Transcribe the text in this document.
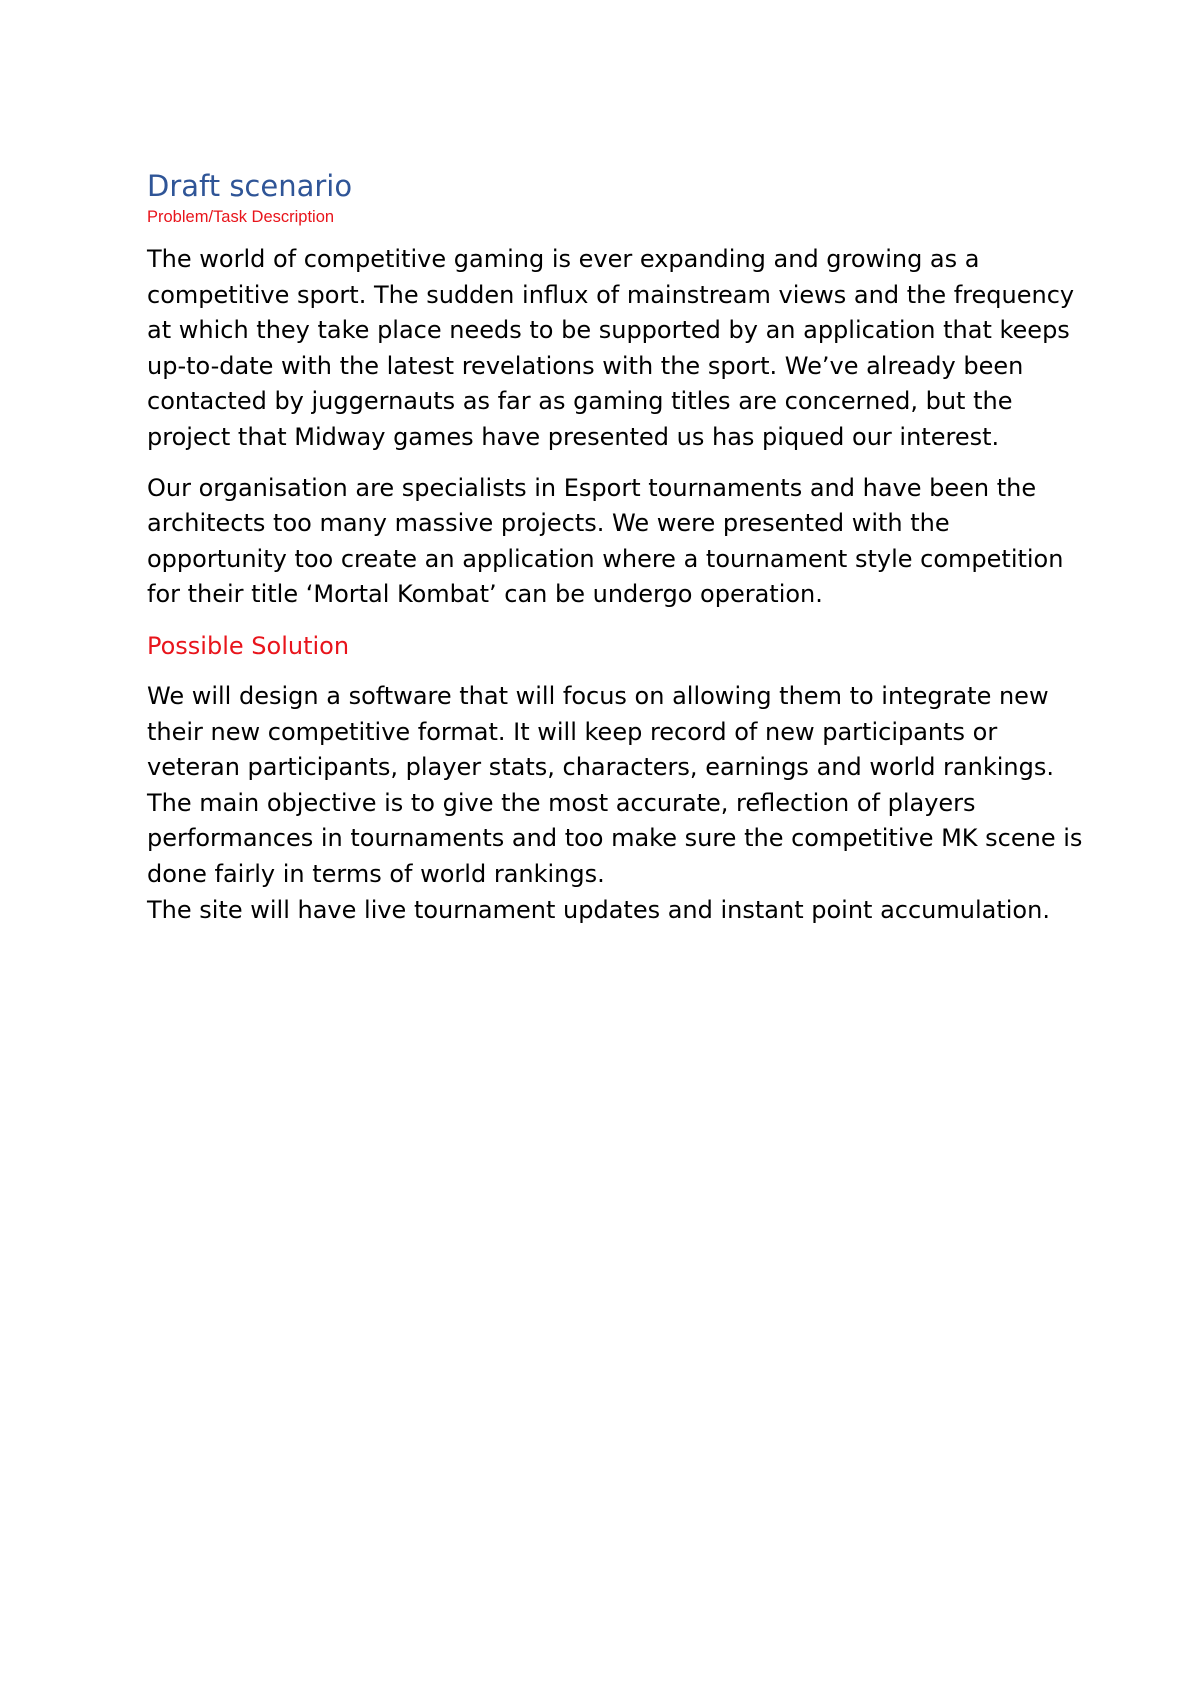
Draft scenario
Problem/Task Description

The world of competitive gaming is ever expanding and growing as a competitive sport. The sudden influx of mainstream views and the frequency at which they take place needs to be supported by an application that keeps up-to-date with the latest revelations with the sport. We’ve already been contacted by juggernauts as far as gaming titles are concerned, but the project that Midway games have presented us has piqued our interest.

Our organisation are specialists in Esport tournaments and have been the architects too many massive projects. We were presented with the opportunity too create an application where a tournament style competition for their title ‘Mortal Kombat’ can be undergo operation.

Possible Solution

We will design a software that will focus on allowing them to integrate new their new competitive format. It will keep record of new participants or veteran participants, player stats, characters, earnings and world rankings.
The main objective is to give the most accurate, reflection of players performances in tournaments and too make sure the competitive MK scene is done fairly in terms of world rankings.
The site will have live tournament updates and instant point accumulation.
